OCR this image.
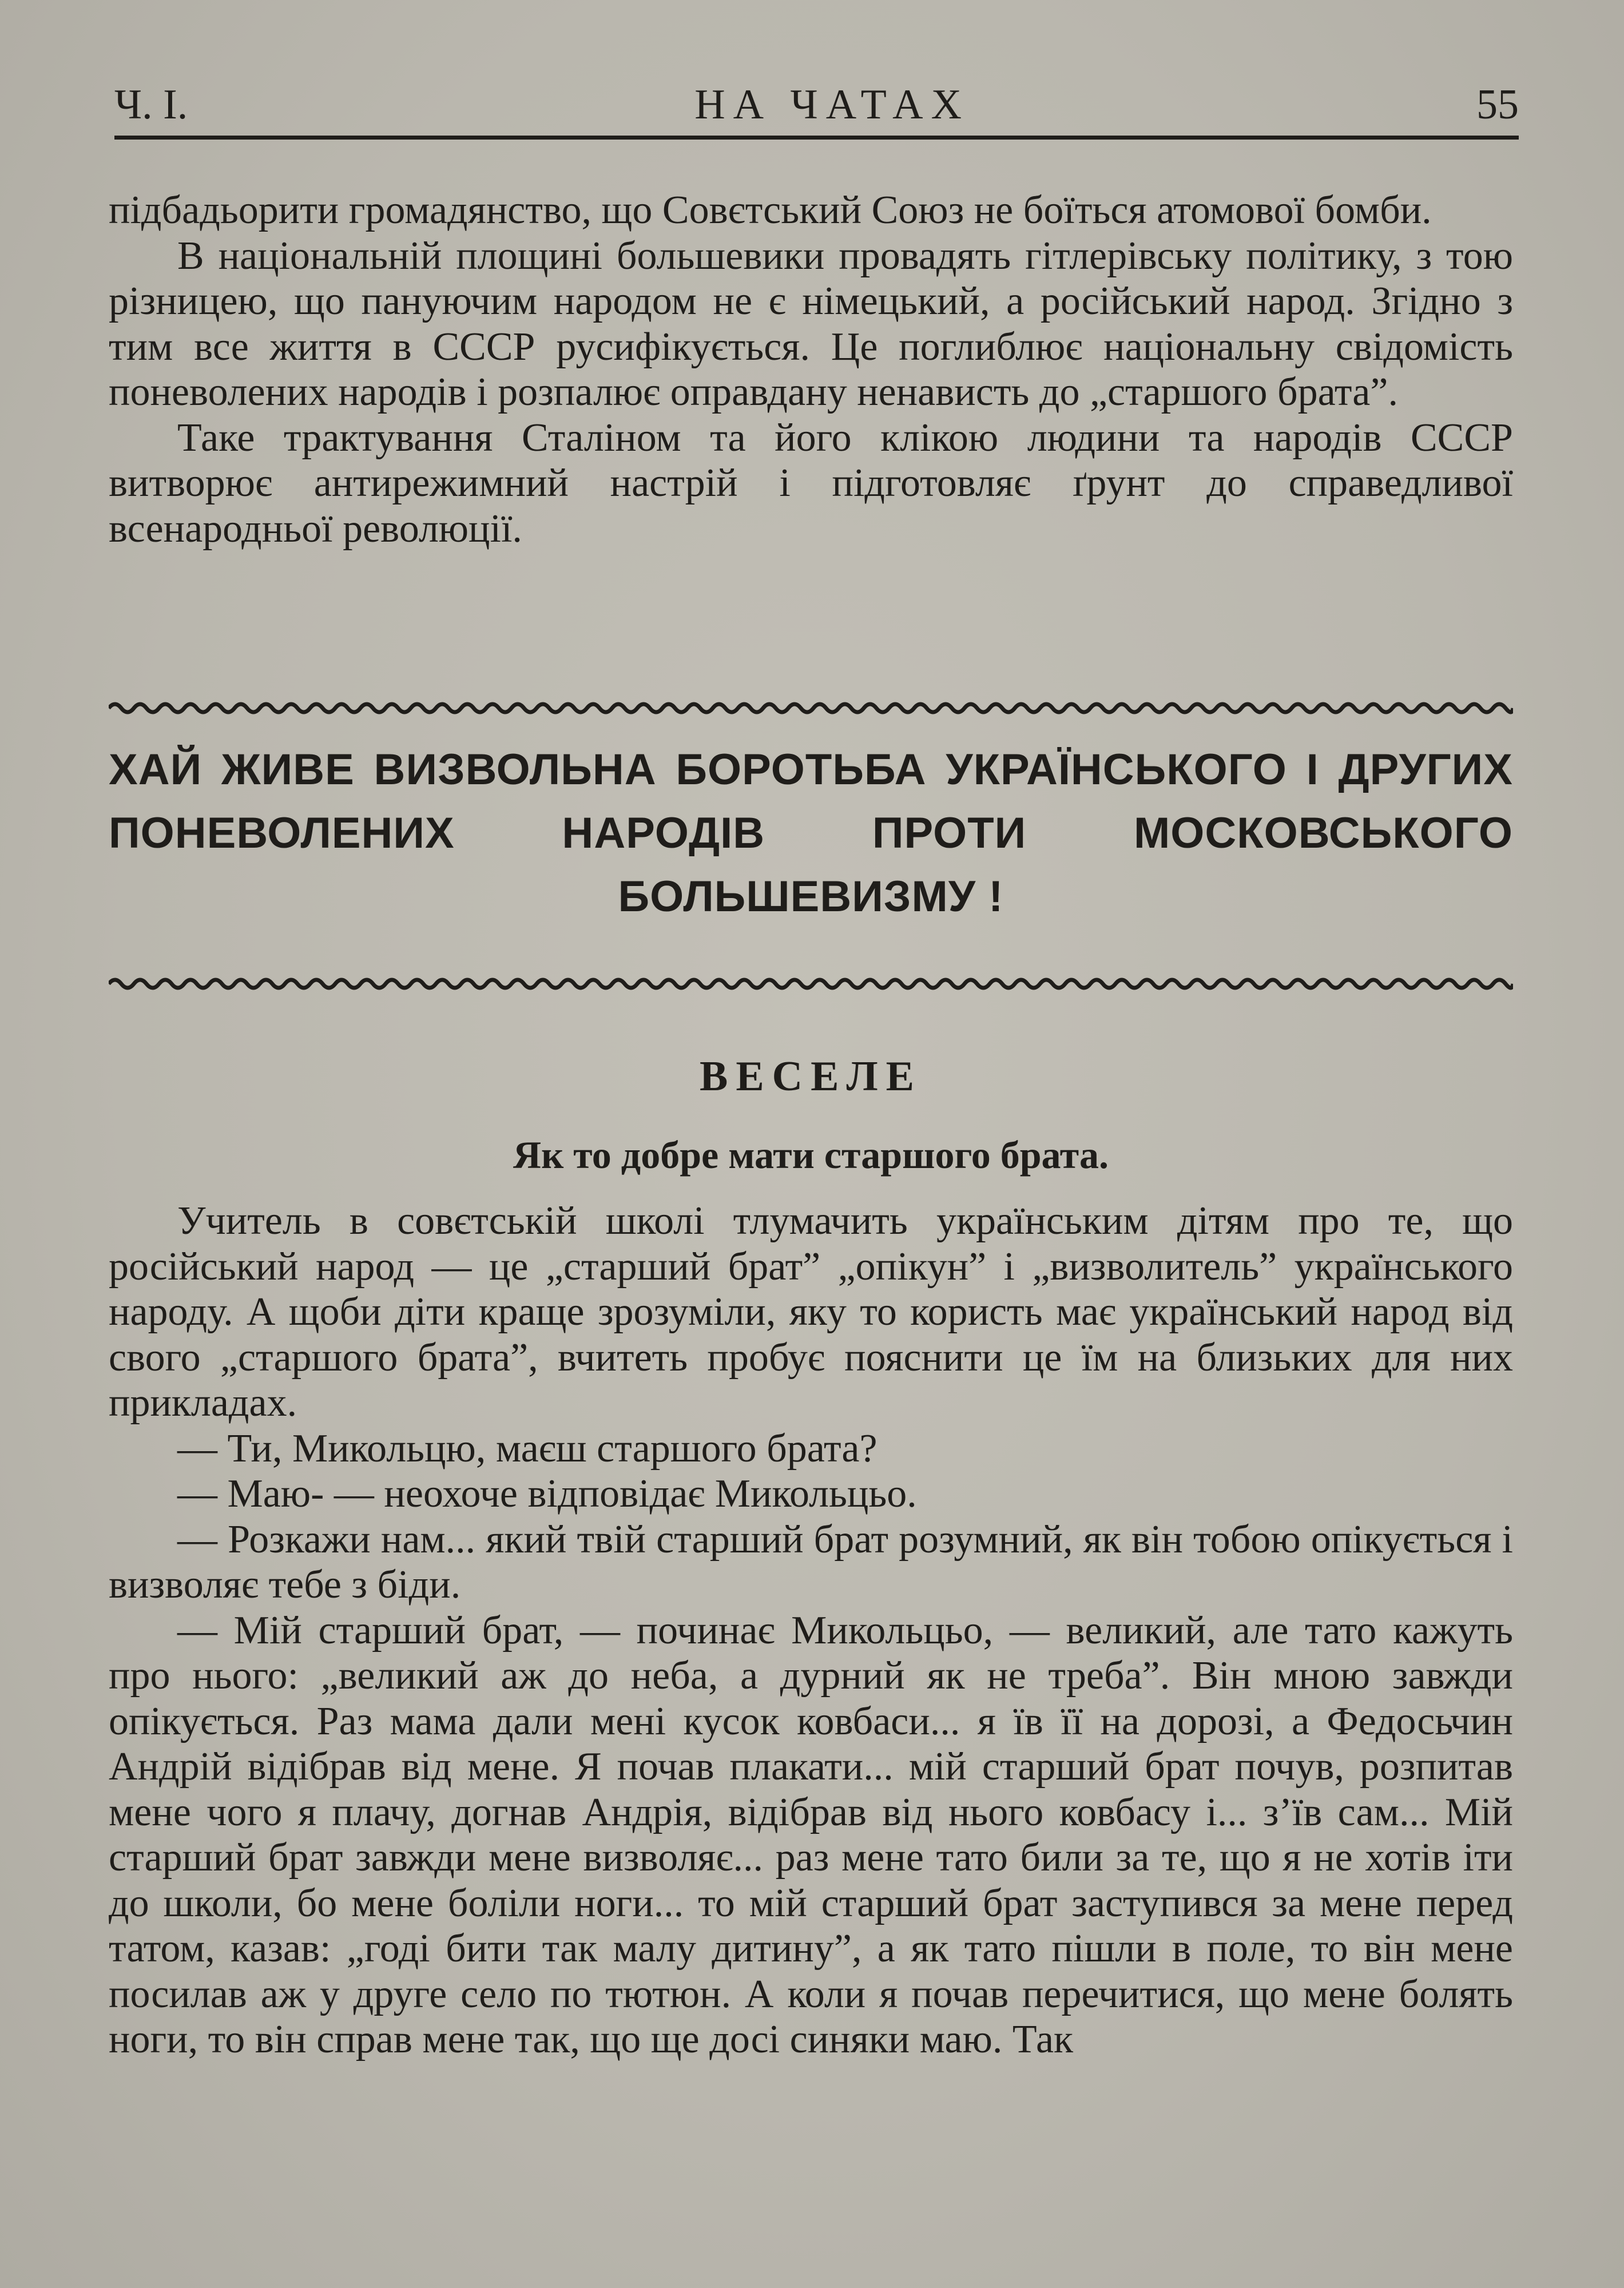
Ч. І.	НА ЧАТАХ	55

підбадьорити громадянство, що Совєтський Союз не боїться атомової бомби.

В національній площині большевики провадять гітлерівську політику, з тою різницею, що пануючим народом не є німецький, а російський народ. Згідно з тим все життя в СССР русифікується. Це поглиблює національну свідомість поневолених народів і розпалює оправдану ненависть до „старшого брата”.

Таке трактування Сталіном та його клікою людини та народів СССР витворює антирежимний настрій і підготовляє ґрунт до справедливої всенародньої революції.

ХАЙ ЖИВЕ ВИЗВОЛЬНА БОРОТЬБА УКРАЇНСЬКОГО І ДРУГИХ ПОНЕВОЛЕНИХ НАРОДІВ ПРОТИ МОСКОВСЬКОГО БОЛЬШЕВИЗМУ !
ВЕСЕЛЕ
Як то добре мати старшого брата.

Учитель в совєтській школі тлумачить українським дітям про те, що російський народ — це „старший брат” „опікун” і „визволитель” українського народу. А щоби діти краще зрозуміли, яку то користь має український народ від свого „старшого брата”, вчитеть пробує пояснити це їм на близьких для них прикладах.

— Ти, Микольцю, маєш старшого брата?

— Маю- — неохоче відповідає Микольцьо.

— Розкажи нам... який твій старший брат розумний, як він тобою опікується і визволяє тебе з біди.

— Мій старший брат, — починає Микольцьо, — великий, але тато кажуть про нього: „великий аж до неба, а дурний як не треба”. Він мною завжди опікується. Раз мама дали мені кусок ковбаси... я їв її на дорозі, а Федосьчин Андрій відібрав від мене. Я почав плакати... мій старший брат почув, розпитав мене чого я плачу, догнав Андрія, відібрав від нього ковбасу і... з’їв сам... Мій старший брат завжди мене визволяє... раз мене тато били за те, що я не хотів іти до школи, бо мене боліли ноги... то мій старший брат заступився за мене перед татом, казав: „годі бити так малу дитину”, а як тато пішли в поле, то він мене посилав аж у друге село по тютюн. А коли я почав перечитися, що мене болять ноги, то він справ мене так, що ще досі синяки маю. Так
